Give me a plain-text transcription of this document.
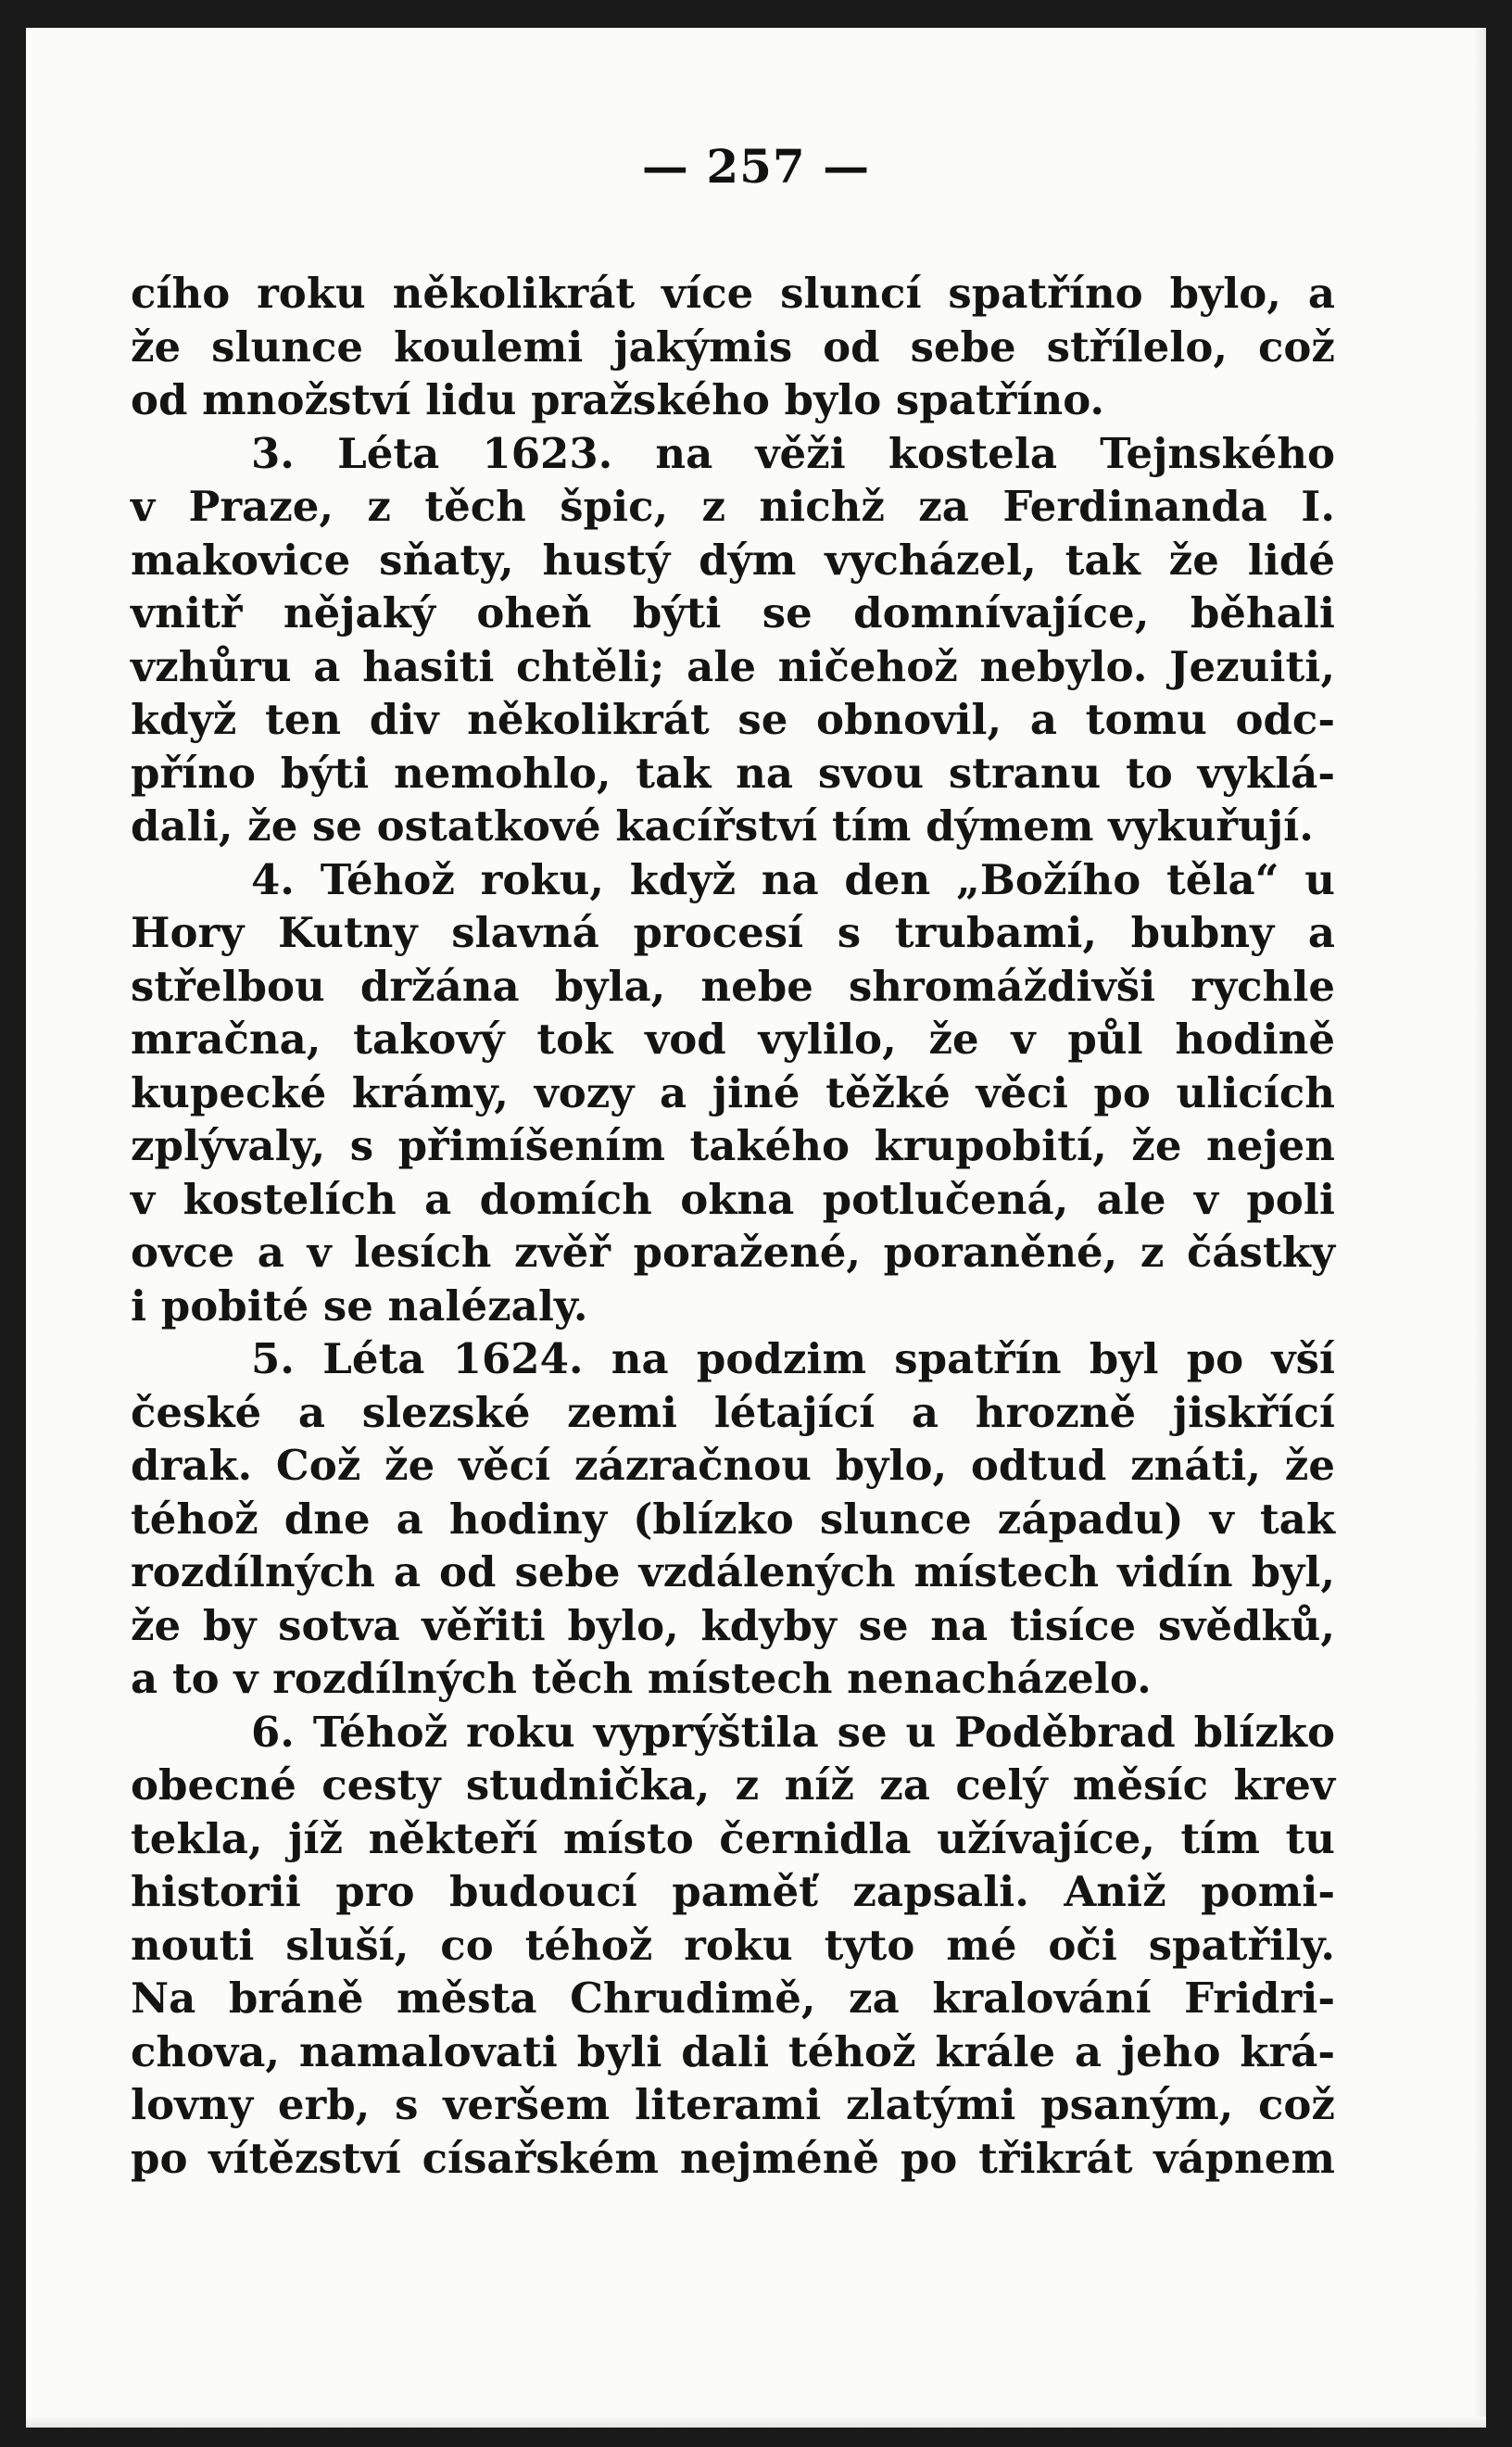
— 257 —
cího roku několikrát více sluncí spatříno bylo, a
že slunce koulemi jakýmis od sebe střílelo, což
od množství lidu pražského bylo spatříno.
3. Léta 1623. na věži kostela Tejnského
v Praze, z těch špic, z nichž za Ferdinanda I.
makovice sňaty, hustý dým vycházel, tak že lidé
vnitř nějaký oheň býti se domnívajíce, běhali
vzhůru a hasiti chtěli; ale ničehož nebylo. Jezuiti,
když ten div několikrát se obnovil, a tomu odc-
příno býti nemohlo, tak na svou stranu to vyklá-
dali, že se ostatkové kacířství tím dýmem vykuřují.
4. Téhož roku, když na den „Božího těla“ u
Hory Kutny slavná procesí s trubami, bubny a
střelbou držána byla, nebe shromáždivši rychle
mračna, takový tok vod vylilo, že v půl hodině
kupecké krámy, vozy a jiné těžké věci po ulicích
zplývaly, s přimíšením takého krupobití, že nejen
v kostelích a domích okna potlučená, ale v poli
ovce a v lesích zvěř poražené, poraněné, z částky
i pobité se nalézaly.
5. Léta 1624. na podzim spatřín byl po vší
české a slezské zemi létající a hrozně jiskřící
drak. Což že věcí zázračnou bylo, odtud znáti, že
téhož dne a hodiny (blízko slunce západu) v tak
rozdílných a od sebe vzdálených místech vidín byl,
že by sotva věřiti bylo, kdyby se na tisíce svědků,
a to v rozdílných těch místech nenacházelo.
6. Téhož roku vyprýštila se u Poděbrad blízko
obecné cesty studnička, z níž za celý měsíc krev
tekla, jíž někteří místo černidla užívajíce, tím tu
historii pro budoucí paměť zapsali. Aniž pomi-
nouti sluší, co téhož roku tyto mé oči spatřily.
Na bráně města Chrudimě, za kralování Fridri-
chova, namalovati byli dali téhož krále a jeho krá-
lovny erb, s veršem literami zlatými psaným, což
po vítězství císařském nejméně po třikrát vápnem
